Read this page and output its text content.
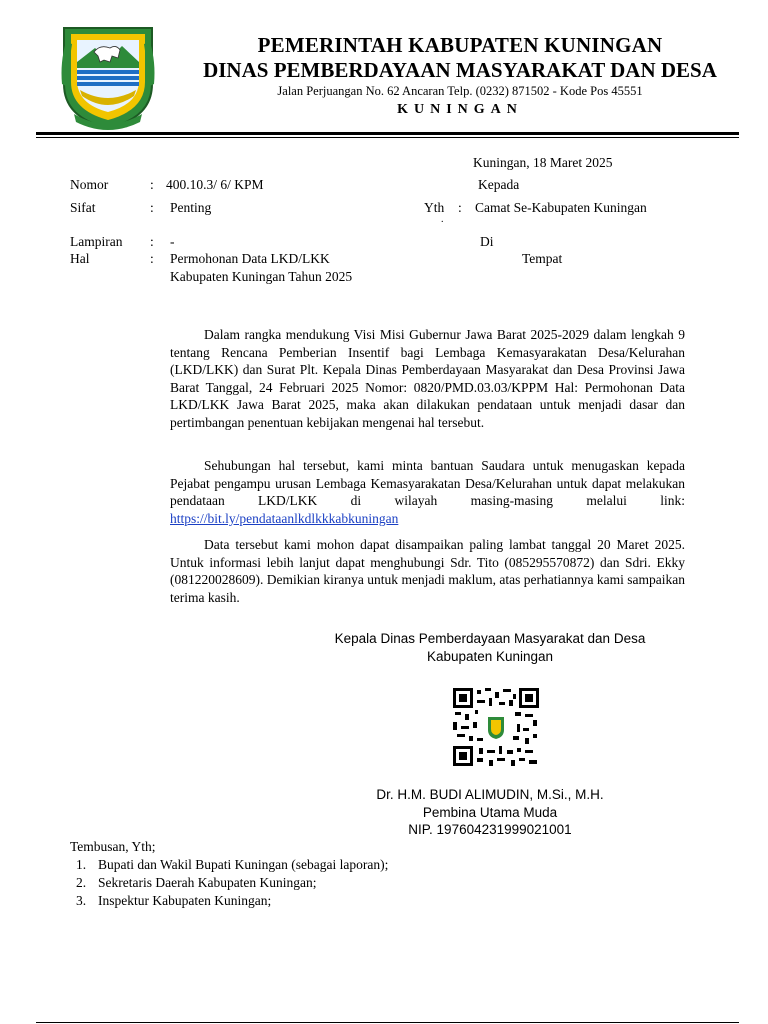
PEMERINTAH KABUPATEN KUNINGAN
DINAS PEMBERDAYAAN MASYARAKAT DAN DESA
Jalan Perjuangan No. 62 Ancaran Telp. (0232) 871502 - Kode Pos 45551
KUNINGAN
Kuningan, 18 Maret 2025
Nomor	: 400.10.3/ 6/ KPM
Sifat	: Penting
Lampiran : -
Hal	: Permohonan Data LKD/LKK
Kabupaten Kuningan Tahun 2025
Kepada
Yth : Camat Se-Kabupaten Kuningan
.
Di
Tempat
Dalam rangka mendukung Visi Misi Gubernur Jawa Barat 2025-2029 dalam lengkah 9 tentang Rencana Pemberian Insentif bagi Lembaga Kemasyarakatan Desa/Kelurahan (LKD/LKK) dan Surat Plt. Kepala Dinas Pemberdayaan Masyarakat dan Desa Provinsi Jawa Barat Tanggal, 24 Februari 2025 Nomor: 0820/PMD.03.03/KPPM Hal: Permohonan Data LKD/LKK Jawa Barat 2025, maka akan dilakukan pendataan untuk menjadi dasar dan pertimbangan penentuan kebijakan mengenai hal tersebut.
Sehubungan hal tersebut, kami minta bantuan Saudara untuk menugaskan kepada Pejabat pengampu urusan Lembaga Kemasyarakatan Desa/Kelurahan untuk dapat melakukan pendataan LKD/LKK di wilayah masing-masing melalui link: https://bit.ly/pendataanlkdlkkkabkuningan
Data tersebut kami mohon dapat disampaikan paling lambat tanggal 20 Maret 2025. Untuk informasi lebih lanjut dapat menghubungi Sdr. Tito (085295570872) dan Sdri. Ekky (081220028609). Demikian kiranya untuk menjadi maklum, atas perhatiannya kami sampaikan terima kasih.
Kepala Dinas Pemberdayaan Masyarakat dan Desa
Kabupaten Kuningan
Dr. H.M. BUDI ALIMUDIN, M.Si., M.H.
Pembina Utama Muda
NIP. 197604231999021001
Tembusan, Yth;
1. Bupati dan Wakil Bupati Kuningan (sebagai laporan);
2. Sekretaris Daerah Kabupaten Kuningan;
3. Inspektur Kabupaten Kuningan;
